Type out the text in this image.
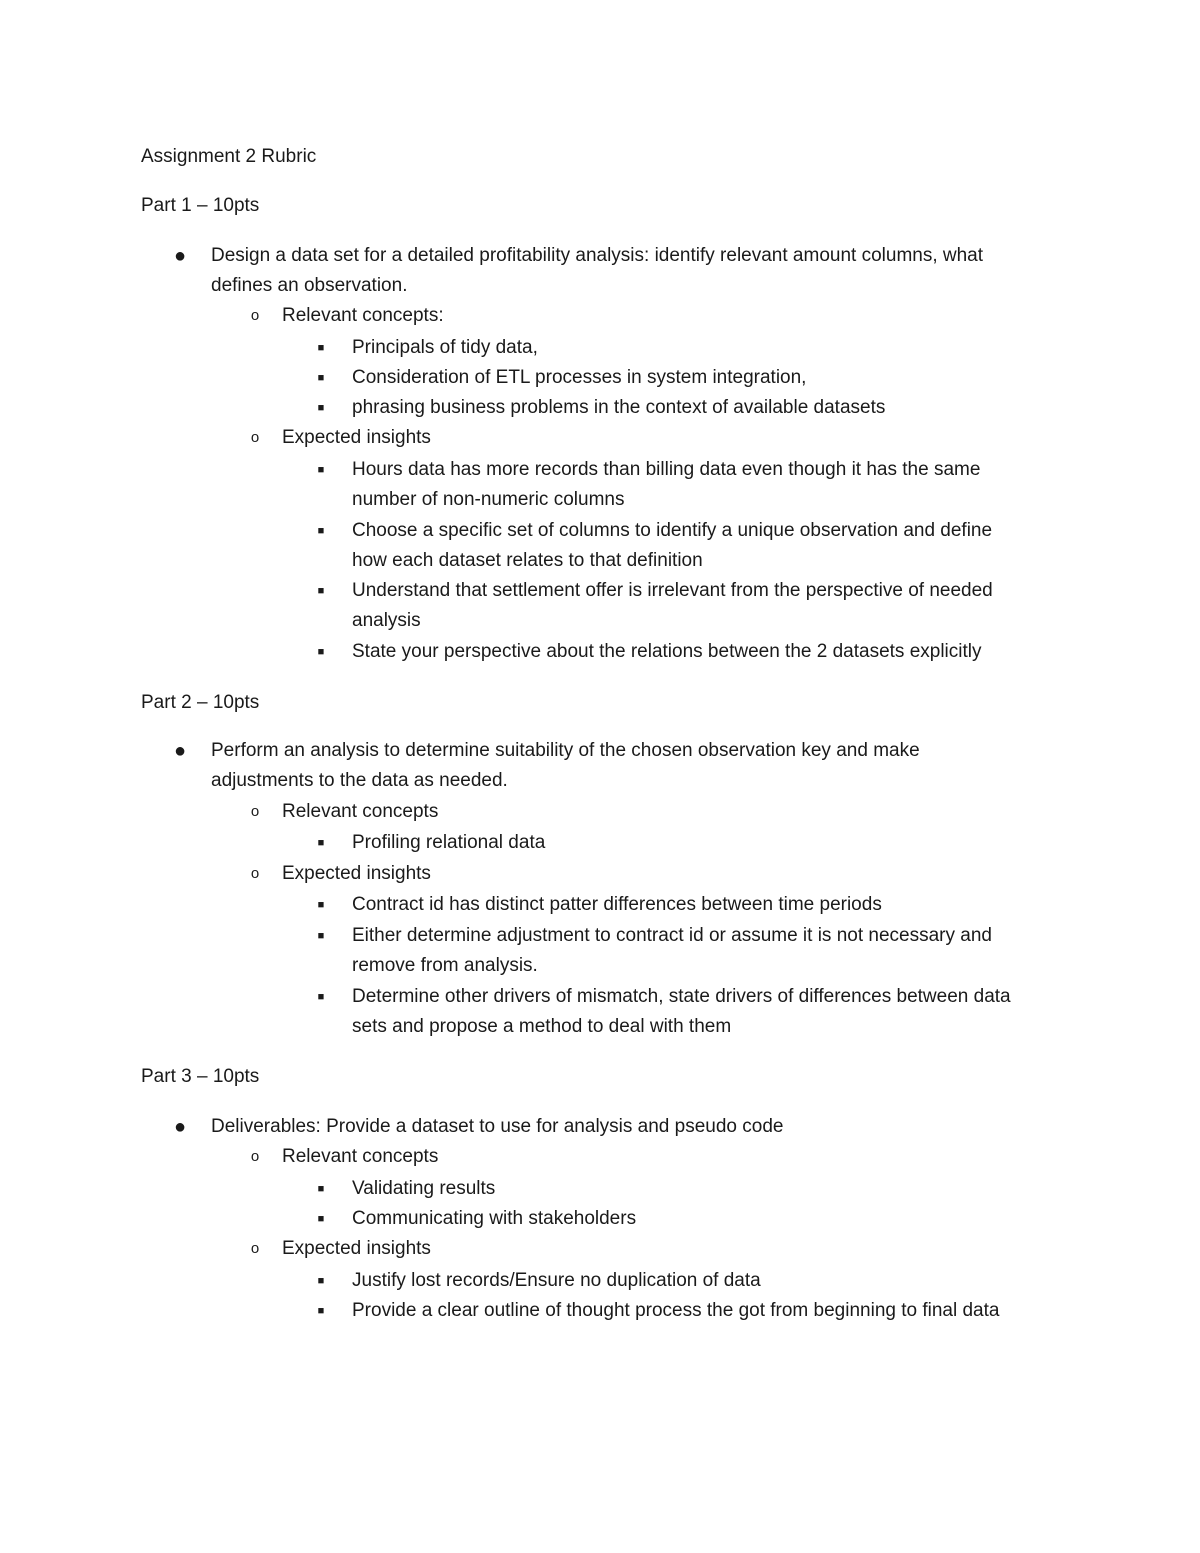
Assignment 2 Rubric
Part 1 – 10pts
● Design a data set for a detailed profitability analysis: identify relevant amount columns, what
defines an observation.
o	Relevant concepts:
■	Principals of tidy data,
■	Consideration of ETL processes in system integration,
■	phrasing business problems in the context of available datasets
o	Expected insights
■	Hours data has more records than billing data even though it has the same
number of non-numeric columns
■	Choose a specific set of columns to identify a unique observation and define
how each dataset relates to that definition
■	Understand that settlement offer is irrelevant from the perspective of needed
analysis
■	State your perspective about the relations between the 2 datasets explicitly
Part 2 – 10pts
● Perform an analysis to determine suitability of the chosen observation key and make
adjustments to the data as needed.
o	Relevant concepts
■	Profiling relational data
o	Expected insights
■	Contract id has distinct patter differences between time periods
■	Either determine adjustment to contract id or assume it is not necessary and
remove from analysis.
■	Determine other drivers of mismatch, state drivers of differences between data
sets and propose a method to deal with them
Part 3 – 10pts
● Deliverables: Provide a dataset to use for analysis and pseudo code
o	Relevant concepts
■	Validating results
■	Communicating with stakeholders
o	Expected insights
■	Justify lost records/Ensure no duplication of data
■	Provide a clear outline of thought process the got from beginning to final data
